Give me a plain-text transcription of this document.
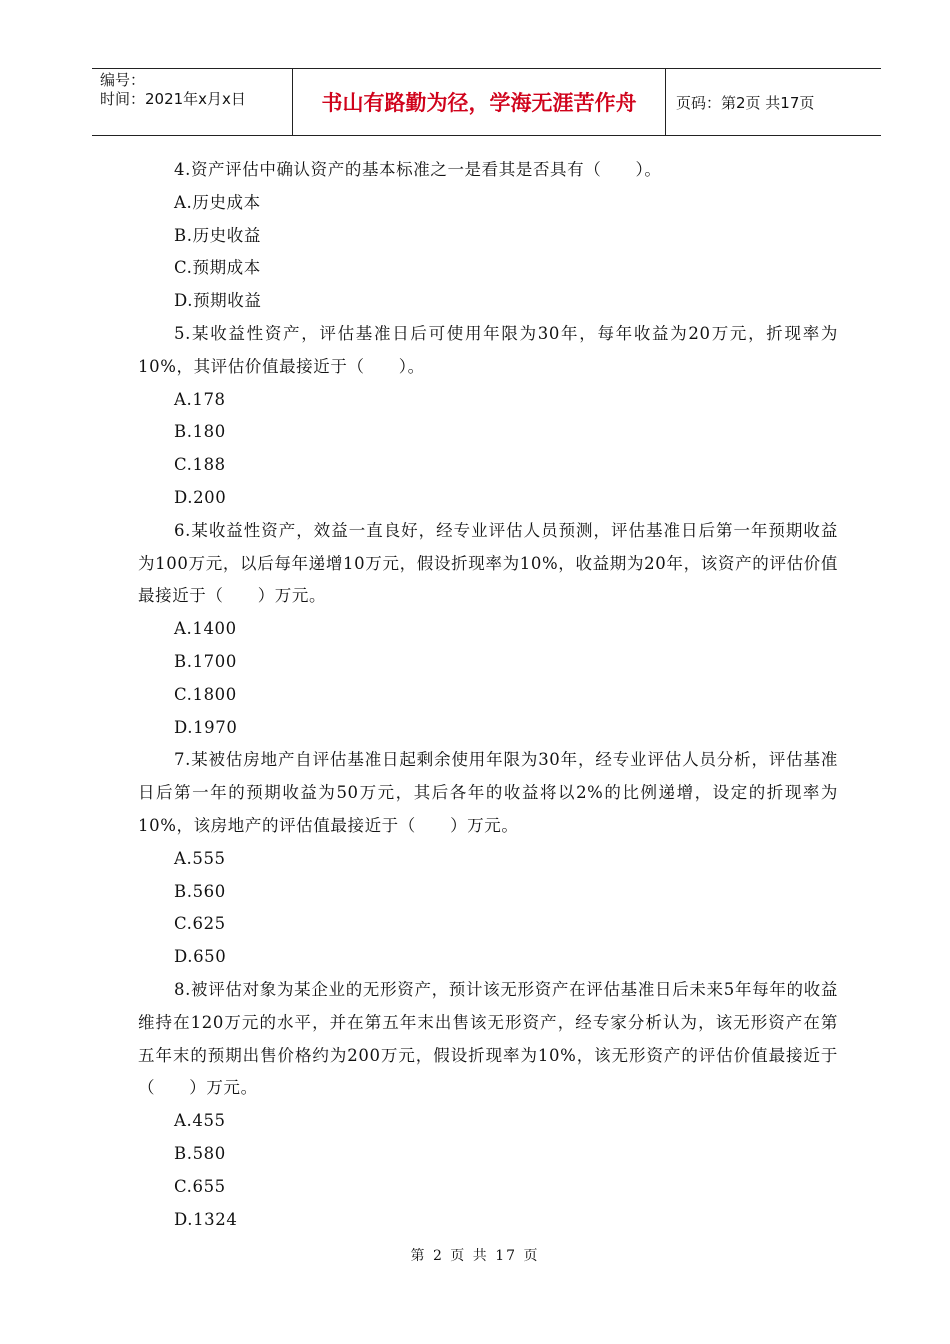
编号：
时间：2021年x月x日	书山有路勤为径，学海无涯苦作舟	页码：第2页 共17页
4.资产评估中确认资产的基本标准之一是看其是否具有（　　）。
A.历史成本
B.历史收益
C.预期成本
D.预期收益
5.某收益性资产，评估基准日后可使用年限为30年，每年收益为20万元，折现率为10%，其评估价值最接近于（　　）。
A.178
B.180
C.188
D.200
6.某收益性资产，效益一直良好，经专业评估人员预测，评估基准日后第一年预期收益为100万元，以后每年递增10万元，假设折现率为10%，收益期为20年，该资产的评估价值最接近于（　　）万元。
A.1400
B.1700
C.1800
D.1970
7.某被估房地产自评估基准日起剩余使用年限为30年，经专业评估人员分析，评估基准日后第一年的预期收益为50万元，其后各年的收益将以2%的比例递增，设定的折现率为10%，该房地产的评估值最接近于（　　）万元。
A.555
B.560
C.625
D.650
8.被评估对象为某企业的无形资产，预计该无形资产在评估基准日后未来5年每年的收益维持在120万元的水平，并在第五年末出售该无形资产，经专家分析认为，该无形资产在第五年末的预期出售价格约为200万元，假设折现率为10%，该无形资产的评估价值最接近于（　　）万元。
A.455
B.580
C.655
D.1324
第 2 页 共 17 页
